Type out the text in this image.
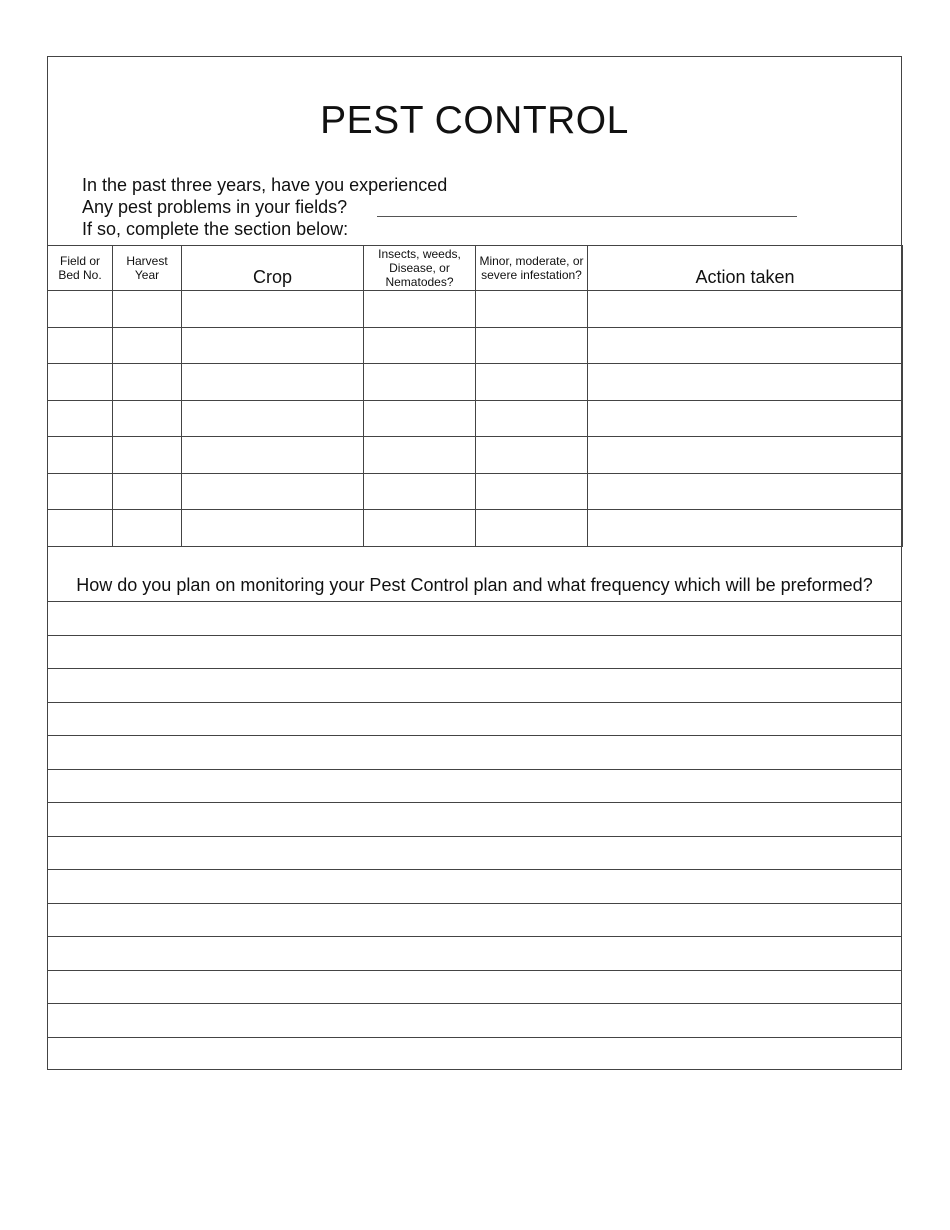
PEST CONTROL
In the past three years, have you experienced
Any pest problems in your fields?
If so, complete the section below:
Field or Bed No.	Harvest Year	Crop	Insects, weeds, Disease, or Nematodes?	Minor, moderate, or severe infestation?	Action taken

How do you plan on monitoring your Pest Control plan and what frequency which will be preformed?
